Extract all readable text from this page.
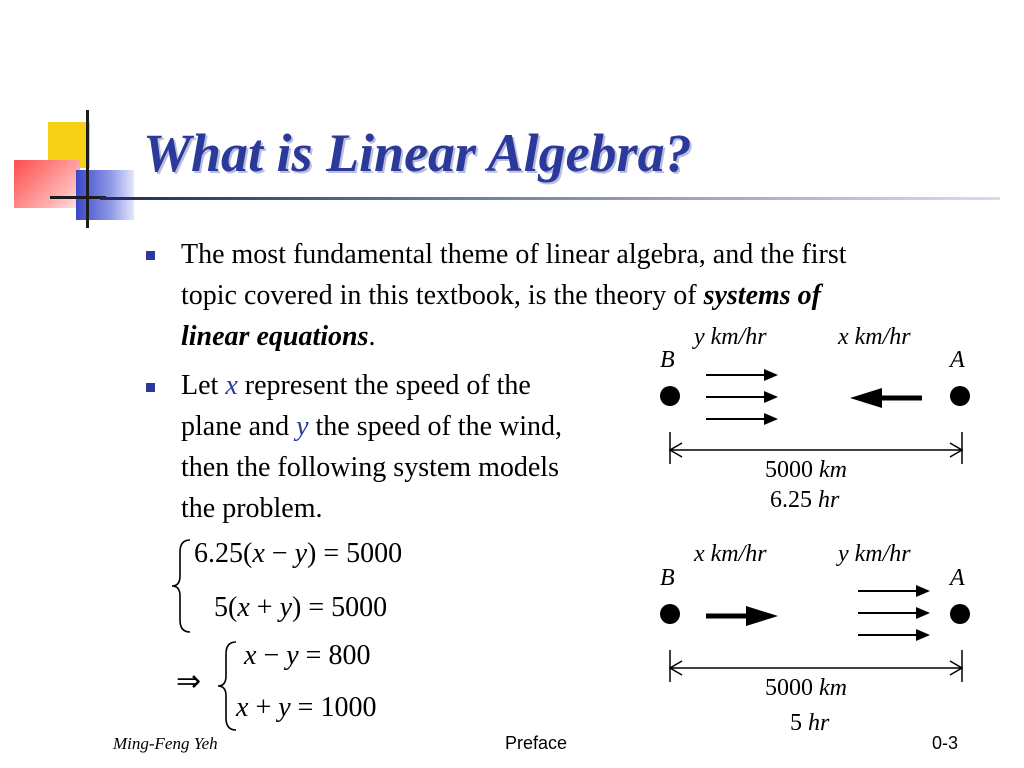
What is Linear Algebra?
The most fundamental theme of linear algebra, and the first
topic covered in this textbook, is the theory of systems of
linear equations.
Let x represent the speed of the
plane and y the speed of the wind,
then the following system models
the problem.
6.25(x − y) = 5000
5(x + y) = 5000
⇒
x − y = 800
x + y = 1000
y km/hr	x km/hr
B	A
5000 km
6.25 hr
x km/hr	y km/hr
B	A
5000 km
5 hr
Ming-Feng Yeh	Preface	0-3
